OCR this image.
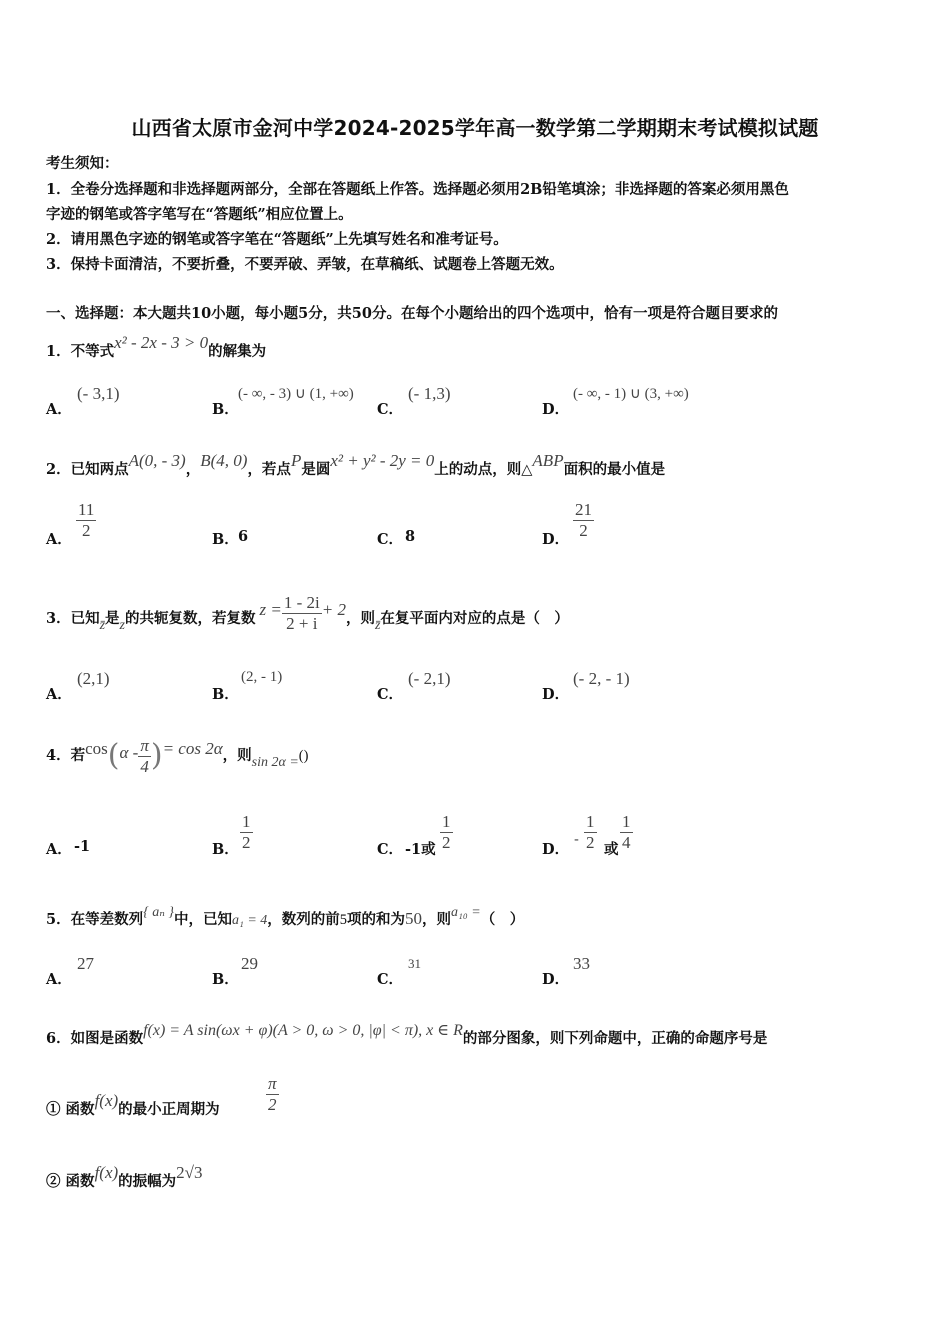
山西省太原市金河中学2024-2025学年高一数学第二学期期末考试模拟试题
考生须知：
1．全卷分选择题和非选择题两部分，全部在答题纸上作答。选择题必须用2B铅笔填涂；非选择题的答案必须用黑色
字迹的钢笔或答字笔写在“答题纸”相应位置上。
2．请用黑色字迹的钢笔或答字笔在“答题纸”上先填写姓名和准考证号。
3．保持卡面清洁，不要折叠，不要弄破、弄皱，在草稿纸、试题卷上答题无效。
一、选择题：本大题共10小题，每小题5分，共50分。在每个小题给出的四个选项中，恰有一项是符合题目要求的
1．不等式x² - 2x - 3 > 0的解集为
A．
(- 3,1)
B．
(- ∞, - 3) ∪ (1, +∞)
C．
(- 1,3)
D．
(- ∞, - 1) ∪ (3, +∞)
2．已知两点A(0, - 3)，B(4, 0)，若点P是圆x² + y² - 2y = 0上的动点，则△ABP面积的最小值是
A． $\frac{11}{2}$	B． 6	C． 8	D． $\frac{21}{2}$
3．已知z̄是z的共轭复数，若复数 $z = \frac{1 - 2i}{2 + i} + 2$，则z̄在复平面内对应的点是（　）
A．
(2,1)
B．
(2, - 1)
C．
(- 2,1)
D．
(- 2, - 1)
4．若$\cos(\alpha - \frac{\pi}{4}$ )= cos 2α，则sin 2α =()
A． -1	B． $\frac{1}{2}$	C． -1或 $\frac{1}{2}$	D．
- $\frac{1}{2}$ 或 $\frac{1}{4}$
5．在等差数列{ aₙ }中，已知a₁ = 4，数列的前5项的和为50，则a₁₀ =（　）
A．
27
B．
29
C．
31
D．
33
6．如图是函数f(x) = A sin(ωx + φ)(A > 0, ω > 0, |φ| < π), x ∈ R的部分图象，则下列命题中，正确的命题序号是
① 函数f(x)的最小正周期为	$\frac{\pi}{2}$
② 函数f(x)的振幅为2√3
